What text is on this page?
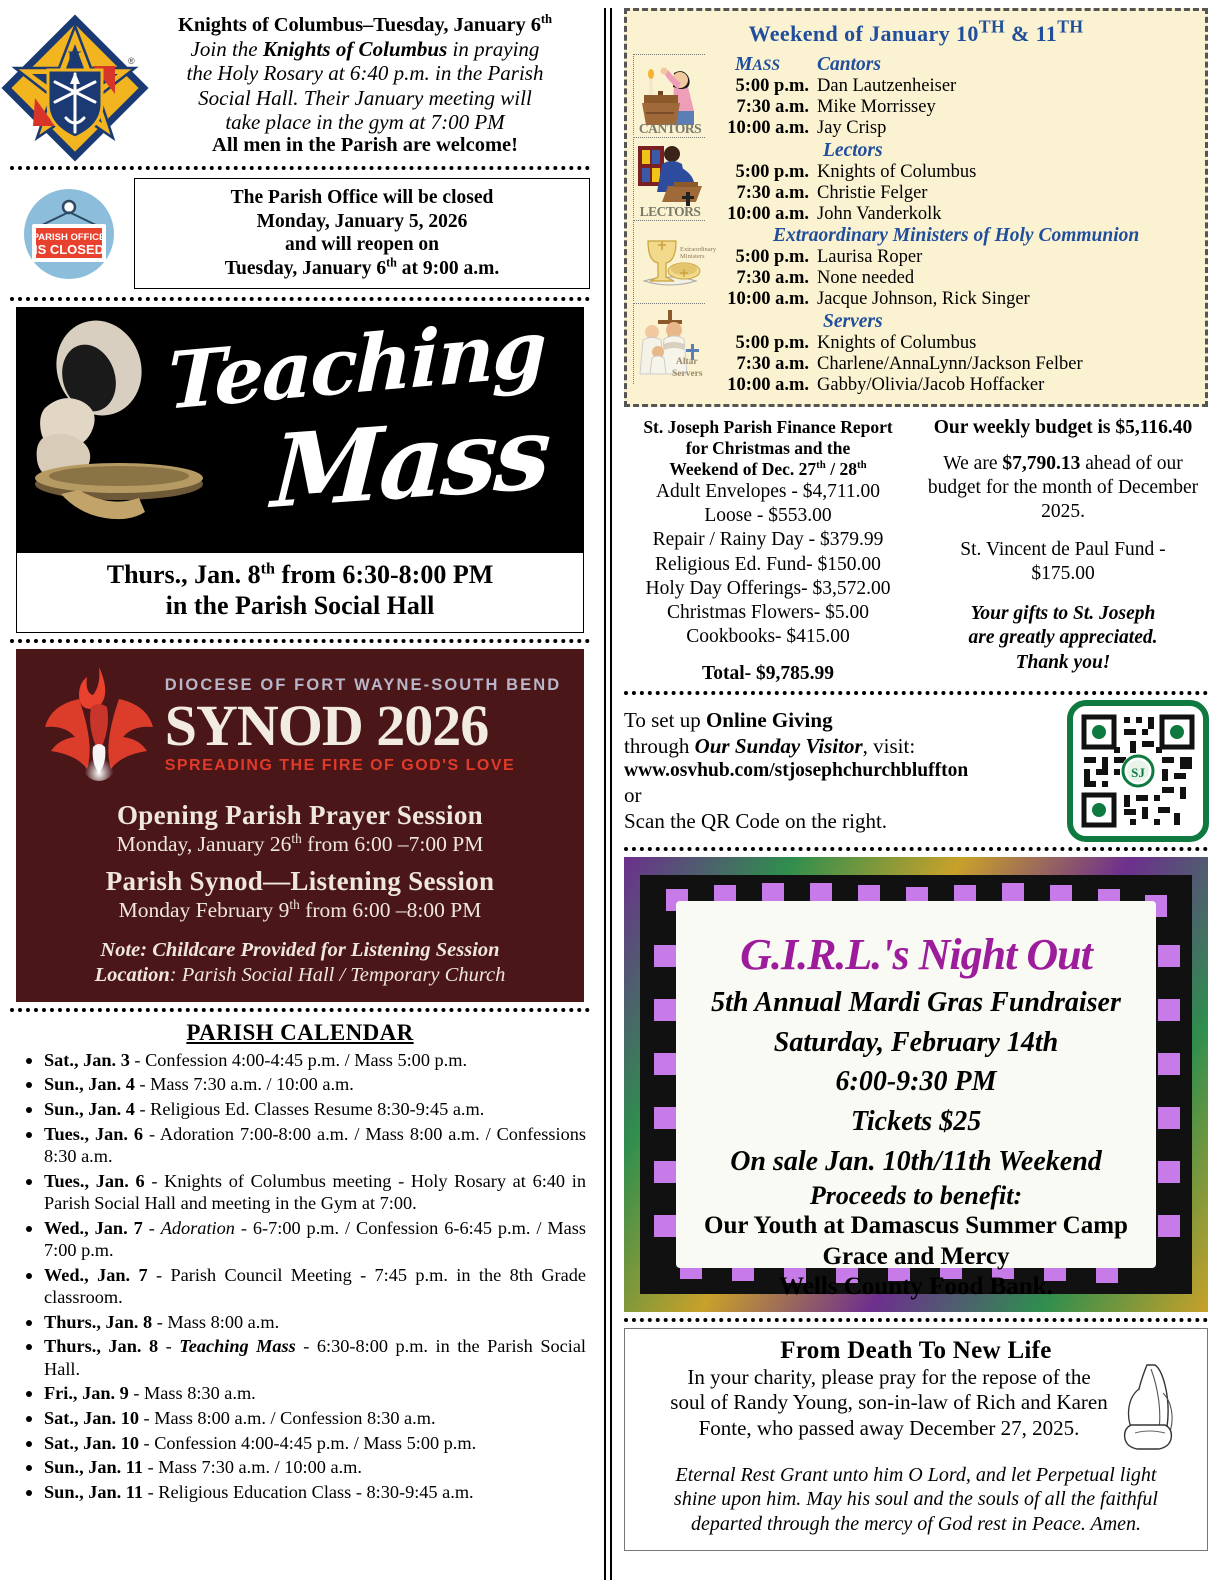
K	®
Knights of Columbus–Tuesday, January 6th
Join the Knights of Columbus in praying
the Holy Rosary at 6:40 p.m. in the Parish
Social Hall. Their January meeting will
take place in the gym at 7:00 PM
All men in the Parish are welcome!
PARISH OFFICE
IS CLOSED
The Parish Office will be closed
Monday, January 5, 2026
and will reopen on
Tuesday, January 6th at 9:00 a.m.
Teaching
Mass
Thurs., Jan. 8th from 6:30-8:00 PM
in the Parish Social Hall
DIOCESE OF FORT WAYNE-SOUTH BEND
SYNOD 2026
SPREADING THE FIRE OF GOD'S LOVE
Opening Parish Prayer Session
Monday, January 26th from 6:00 –7:00 PM
Parish Synod—Listening Session
Monday February 9th from 6:00 –8:00 PM
Note: Childcare Provided for Listening Session
Location: Parish Social Hall / Temporary Church
PARISH CALENDAR
• Sat., Jan. 3 - Confession 4:00-4:45 p.m. / Mass 5:00 p.m.
• Sun., Jan. 4 - Mass 7:30 a.m. / 10:00 a.m.
• Sun., Jan. 4 - Religious Ed. Classes Resume 8:30-9:45 a.m.
• Tues., Jan. 6 - Adoration 7:00-8:00 a.m. / Mass 8:00 a.m. / Confessions 8:30 a.m.
• Tues., Jan. 6 - Knights of Columbus meeting - Holy Rosary at 6:40 in Parish Social Hall and meeting in the Gym at 7:00.
• Wed., Jan. 7 - Adoration - 6-7:00 p.m. / Confession 6-6:45 p.m. / Mass 7:00 p.m.
• Wed., Jan. 7 - Parish Council Meeting - 7:45 p.m. in the 8th Grade classroom.
• Thurs., Jan. 8 - Mass 8:00 a.m.
• Thurs., Jan. 8 - Teaching Mass - 6:30-8:00 p.m. in the Parish Social Hall.
• Fri., Jan. 9 - Mass 8:30 a.m.
• Sat., Jan. 10 - Mass 8:00 a.m. / Confession 8:30 a.m.
• Sat., Jan. 10 - Confession 4:00-4:45 p.m. / Mass 5:00 p.m.
• Sun., Jan. 11 - Mass 7:30 a.m. / 10:00 a.m.
• Sun., Jan. 11 - Religious Education Class - 8:30-9:45 a.m.
Weekend of January 10TH & 11TH
CANTORS
LECTORS
Extraordinary
Ministers
Altar
Servers
MASS	Cantors
5:00 p.m. Dan Lautzenheiser
7:30 a.m. Mike Morrissey
10:00 a.m. Jay Crisp
Lectors
5:00 p.m. Knights of Columbus
7:30 a.m. Christie Felger
10:00 a.m. John Vanderkolk
Extraordinary Ministers of Holy Communion
5:00 p.m. Laurisa Roper
7:30 a.m. None needed
10:00 a.m. Jacque Johnson, Rick Singer
Servers
5:00 p.m. Knights of Columbus
7:30 a.m. Charlene/AnnaLynn/Jackson Felber
10:00 a.m. Gabby/Olivia/Jacob Hoffacker
St. Joseph Parish Finance Report
for Christmas and the
Weekend of Dec. 27th / 28th
Adult Envelopes - $4,711.00
Loose - $553.00
Repair / Rainy Day - $379.99
Religious Ed. Fund- $150.00
Holy Day Offerings- $3,572.00
Christmas Flowers- $5.00
Cookbooks- $415.00
Total- $9,785.99
Our weekly budget is $5,116.40
We are $7,790.13 ahead of our budget for the month of December 2025.
St. Vincent de Paul Fund -
$175.00
Your gifts to St. Joseph
are greatly appreciated.
Thank you!
To set up Online Giving
through Our Sunday Visitor, visit:
www.osvhub.com/stjosephchurchbluffton
or
Scan the QR Code on the right.
SJ
G.I.R.L.'s Night Out
5th Annual Mardi Gras Fundraiser
Saturday, February 14th
6:00-9:30 PM
Tickets $25
On sale Jan. 10th/11th Weekend
Proceeds to benefit:
Our Youth at Damascus Summer Camp
Grace and Mercy
Wells County Food Bank.
From Death To New Life
In your charity, please pray for the repose of the
soul of Randy Young, son-in-law of Rich and Karen
Fonte, who passed away December 27, 2025.
Eternal Rest Grant unto him O Lord, and let Perpetual light
shine upon him. May his soul and the souls of all the faithful
departed through the mercy of God rest in Peace. Amen.
